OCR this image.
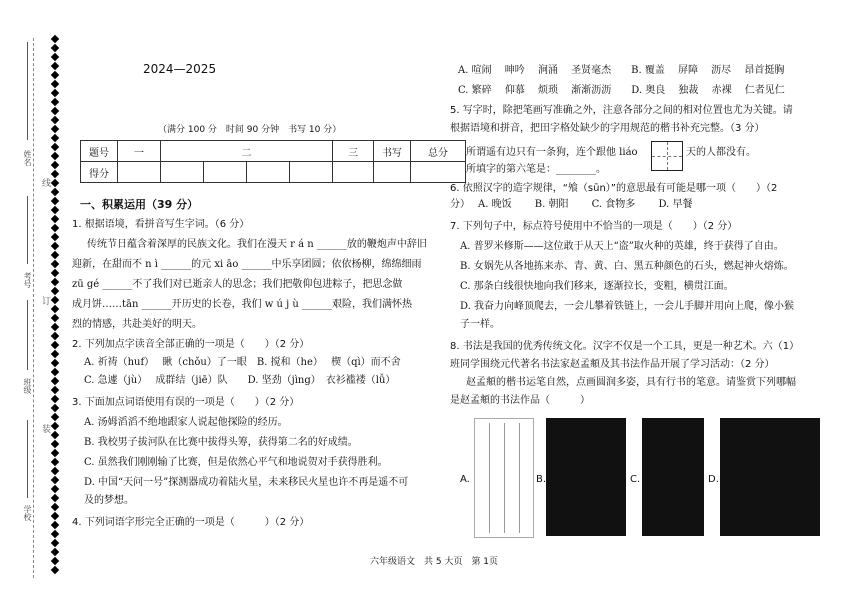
姓名
考号
班级
学校
线
订
装
2024—2025
（满分 100 分　时间 90 分钟　书写 10 分）
题号	一	二				三	书写	总分
得分								
一、积累运用（39 分）
1. 根据语境，看拼音写生字词。（6 分）
传统节日蕴含着深厚的民族文化。我们在漫天 r á n ______放的鞭炮声中辞旧
迎新，在甜而不 n ì ______的元 xi āo ______中乐享团圆；依依杨柳，绵绵细雨
zū gé ______不了我们对已逝亲人的思念；我们把敬仰包进粽子，把思念做
成月饼……tān ______开历史的长卷，我们 w ú j ù ______艰险，我们满怀热
烈的情感，共赴美好的明天。
2. 下列加点字读音全部正确的一项是（　　）（2 分）
A. 祈祷（huf）　 瞅（chǒu）了一眼　B. 搅和（he）　 楔（qì）而不舍
C. 急遽（jù）　 成群结（jiē）队　　D. 坚劲（jìng）　衣衫褴褛（lǚ）
3. 下面加点词语使用有误的一项是（　　）（2 分）
A. 汤姆滔滔不绝地跟家人说起他探险的经历。
B. 我校男子拔河队在比赛中拔得头筹，获得第二名的好成绩。
C. 虽然我们刚刚输了比赛，但是依然心平气和地说贺对手获得胜利。
D. 中国“天问一号”探测器成功着陆火星，未来移民火星也许不再是遥不可
及的梦想。
4. 下列词语字形完全正确的一项是（　　　）（2 分）
A. 喧闹　 呻吟　 涧涌　 圣贤毫杰　　B. 覆盖　 屏障　 沥尽　 昂首挺胸
C. 繁碎　 仰慕　 烦琐　 渐渐沥沥　　D. 奥良　 独裁　 赤裸　 仁者见仁
5. 写字时，除把笔画写准确之外，注意各部分之间的相对位置也尤为关键。请
根据语境和拼音，把田字格处缺少的字用规范的楷书补充完整。（3 分）
所谓遥有边只有一条狗，连个跟他 liáo	天的人都没有。
所填字的第六笔是：________。
6. 依照汉字的造字规律，“飧（sūn）”的意思最有可能是哪一项（　　）（2
分） A. 晚饭　　 B. 朝阳　　 C. 食物多　　 D. 早餐
7. 下列句子中，标点符号使用中不恰当的一项是（　　）（2 分）
A. 普罗米修斯——这位敢于从天上“盗”取火种的英雄，终于获得了自由。
B. 女娲先从各地拣来赤、青、黄、白、黑五种颜色的石头，燃起神火熔炼。
C. 那条白线很快地向我们移来，逐渐拉长，变粗，横贯江面。
D. 我奋力向峰顶爬去，一会儿攀着铁链上，一会儿手脚并用向上爬，像小猴
子一样。
8. 书法是我国的优秀传统文化。汉字不仅是一个工具，更是一种艺术。六（1）
班同学围绕元代著名书法家赵孟頫及其书法作品开展了学习活动：（2 分）
赵孟頫的楷书运笔自然，点画圆润多姿，具有行书的笔意。请鉴赏下列哪幅
是赵孟頫的书法作品（　　　）
A.	B.	C.	D.
六年级语文　共 5 大页　第 1页
